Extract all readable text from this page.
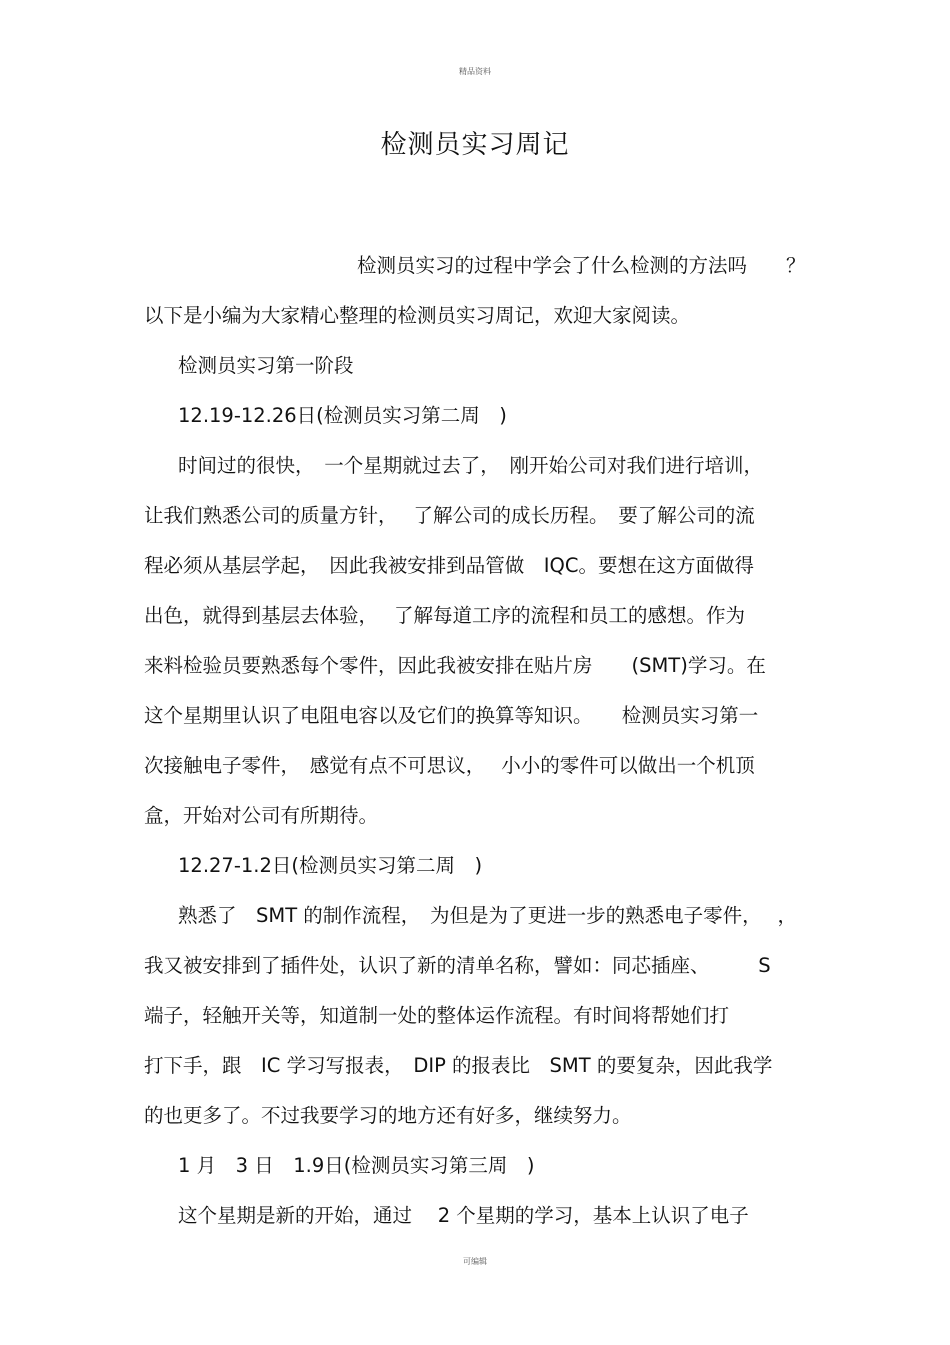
精品资料
检测员实习周记
检测员实习的过程中学会了什么检测的方法吗　　？
以下是小编为大家精心整理的检测员实习周记，欢迎大家阅读。
检测员实习第一阶段
12.19-12.26日(检测员实习第二周　)
时间过的很快，　一个星期就过去了，　刚开始公司对我们进行培训，
让我们熟悉公司的质量方针，　 了解公司的成长历程。　要了解公司的流
程必须从基层学起，　因此我被安排到品管做　IQC。要想在这方面做得
出色，就得到基层去体验，　 了解每道工序的流程和员工的感想。作为
来料检验员要熟悉每个零件，因此我被安排在贴片房　　(SMT)学习。在
这个星期里认识了电阻电容以及它们的换算等知识。　　检测员实习第一
次接触电子零件，　感觉有点不可思议，　 小小的零件可以做出一个机顶
盒，开始对公司有所期待。
12.27-1.2日(检测员实习第二周　)
熟悉了　SMT 的制作流程，　为但是为了更进一步的熟悉电子零件，　 ，
我又被安排到了插件处，认识了新的清单名称，譬如：同芯插座、　　　S
端子，轻触开关等，知道制一处的整体运作流程。有时间将帮她们打
打下手，跟　IC 学习写报表，　DIP 的报表比　SMT 的要复杂，因此我学
的也更多了。不过我要学习的地方还有好多，继续努力。
1 月　3 日　1.9日(检测员实习第三周　)
这个星期是新的开始，通过　 2 个星期的学习，基本上认识了电子
可编辑
